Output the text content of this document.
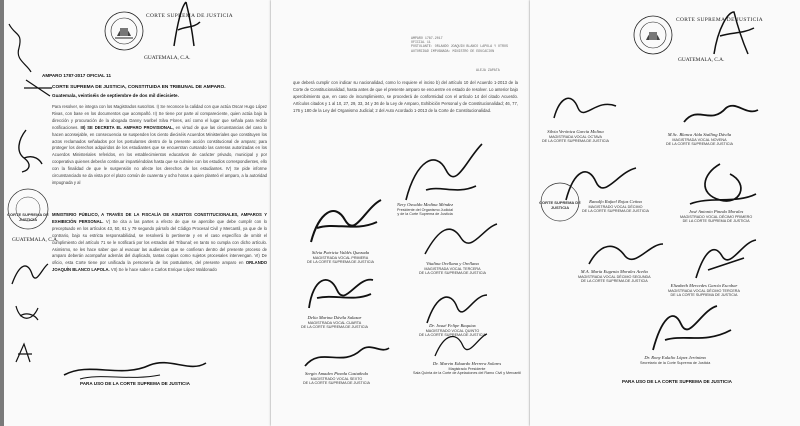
CORTE SUPREMA DE JUSTICIA
GUATEMALA, C.A.
AMPARO 1787-2017 OFICIAL 11
CORTE SUPREMA DE JUSTICIA, CONSTITUIDA EN TRIBUNAL DE AMPARO.
Guatemala, veintiséis de septiembre de dos mil diecisiete.
Para resolver, se integra con los Magistrados suscritos. I) Se reconoce la calidad con que actúa Oscar Hugo López Rivas, con base en los documentos que acompañó. II) Se tiene por parte al compareciente, quien actúa bajo la dirección y procuración de la abogada Danny Ivaribel Silva Flores, así como el lugar que señala para recibir notificaciones. III) SE DECRETA EL AMPARO PROVISIONAL, en virtud de que las circunstancias del caso lo hacen aconsejable, en consecuencia se suspenden los ciento dieciséis Acuerdos Ministeriales que constituyen los actos reclamados señalados por los postulantes dentro de la presente acción constitucional de amparo; para proteger los derechos adquiridos de los estudiantes que se encuentran cursando las carreras autorizadas en los Acuerdos Ministeriales referidos, en los establecimientos educativos de carácter privado, municipal y por cooperativa quienes deberán continuar impartiéndolas hasta que se culmine con los estudios correspondientes, ello con la finalidad de que le suspensión no afecte los derechos de los estudiantes. IV) Se pide informe circunstanciado se da vista por el plazo común de cuarenta y ocho horas a quien planteó el amparo, a la autoridad impugnada y al
MINISTERIO PÚBLICO, A TRAVÉS DE LA FISCALÍA DE ASUNTOS CONSTITUCIONALES, AMPAROS Y EXHIBICIÓN PERSONAL. V) Se cita a las partes a efecto de que se apercibe que debe cumplir con lo preceptuado en los artículos 43, 50, 61 y 79 segundo párrafo del Código Procesal Civil y Mercantil, ya que de lo contrario, bajo su estricta responsabilidad, se resolverá lo pertinente y en el caso específico de omitir el cumplimiento del artículo 71 se le notificará por los estrados del Tribunal; en tanto no cumpla con dicho artículo. Asimismo, se les hace saber que al evacuar las audiencias que se confieran dentro del presente proceso de amparo deberán acompañar además del duplicado, tantas copias como sujetos procesales intervengan. VI) De oficio, esta Corte tiene por unificada la personería de los postulantes, del presente amparo en ORLANDO JOAQUÍN BLANCO LAPOLA. VII) Se le hace saber a Carlos Enrique López Maldonado
CORTE SUPREMA DE JUSTICIA
GUATEMALA, C.A.
PARA USO DE LA CORTE SUPREMA DE JUSTICIA
AMPARO 1787-2017
OFICIAL 11
POSTULANTE: ORLANDO JOAQUIN BLANCO LAPOLA Y OTROS
AUTORIDAD IMPUGNADA: MINISTRO DE EDUCACION
ALEJA ZAPATA
que deberá cumplir con indicar su nacionalidad, como lo requiere el inciso b) del artículo 10 del Acuerdo 1-2013 de la Corte de Constitucionalidad, hasta antes de que el presente amparo se encuentre en estado de resolver. Lo anterior bajo apercibimiento que, en caso de incumplimiento, se procederá de conformidad con el artículo 14 del citado Acuerdo. Artículos citados y 1 al 10, 27, 29, 33, 34 y 36 de la Ley de Amparo, Exhibición Personal y de Constitucionalidad; 46, 77, 176 y 180 de la Ley del Organismo Judicial; 2 del Auto Acordado 1-2013 de la Corte de Constitucionalidad.
Nery Osvaldo Medina Méndez
Presidente del Organismo Judicial
y de la Corte Suprema de Justicia
Silvia Patricia Valdés Quezada
MAGISTRADA VOCAL PRIMERA
DE LA CORTE SUPREMA DE JUSTICIA	Vitalina Orellana y Orellana
MAGISTRADA VOCAL TERCERA
DE LA CORTE SUPREMA DE JUSTICIA
Delia Marina Dávila Salazar
MAGISTRADA VOCAL CUARTA
DE LA CORTE SUPREMA DE JUSTICIA	Dr. Josué Felipe Baquiax
MAGISTRADO VOCAL QUINTO
DE LA CORTE SUPREMA DE JUSTICIA
Sergio Amadeo Pineda Castañeda
MAGISTRADO VOCAL SEXTO
DE LA CORTE SUPREMA DE JUSTICIA
Dr. Marvin Eduardo Herrera Solares
Magistrado Presidente
Sala Quinta de la Corte de Apelaciones del Ramo Civil y Mercantil
CORTE SUPREMA DE JUSTICIA
GUATEMALA, C.A.
Silvia Verónica García Molina
MAGISTRADA VOCAL OCTAVA
DE LA CORTE SUPREMA DE JUSTICIA
M.Sc. Blanca Aída Stalling Dávila
MAGISTRADA VOCAL NOVENA
DE LA CORTE SUPREMA DE JUSTICIA
CORTE SUPREMA DE JUSTICIA
Ranulfo Rafael Rojas Cetina
MAGISTRADO VOCAL DÉCIMO
DE LA CORTE SUPREMA DE JUSTICIA	José Antonio Pineda Morales
MAGISTRADO VOCAL DÉCIMO PRIMERO
DE LA CORTE SUPREMA DE JUSTICIA
M.A. María Eugenia Morales Aceña
MAGISTRADA VOCAL DÉCIMO SEGUNDA
DE LA CORTE SUPREMA DE JUSTICIA
Elizabeth Mercedes García Escobar
MAGISTRADA VOCAL DÉCIMO TERCERA
DE LA CORTE SUPREMA DE JUSTICIA
Dr. Rony Eulalio López Jerónimo
Secretario de la Corte Suprema de Justicia
PARA USO DE LA CORTE SUPREMA DE JUSTICIA
